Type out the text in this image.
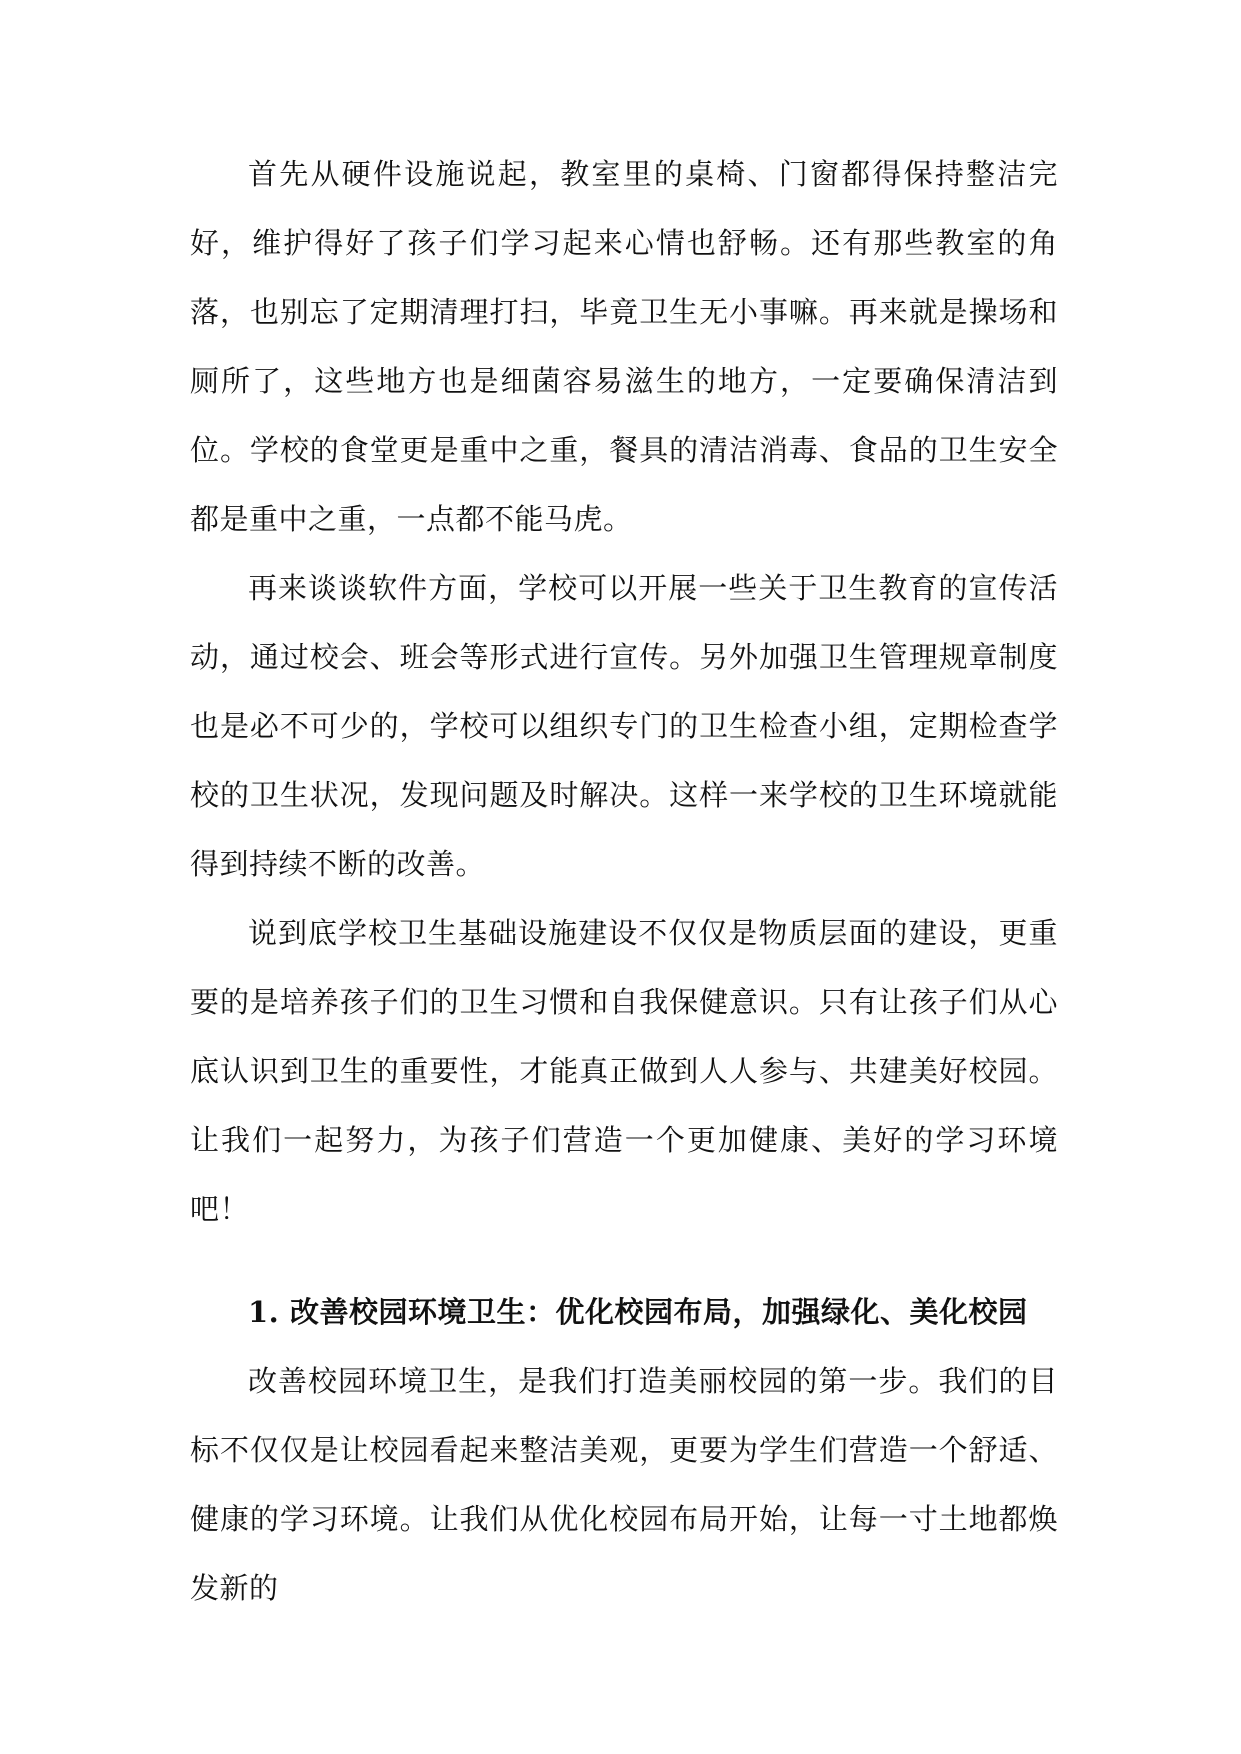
首先从硬件设施说起，教室里的桌椅、门窗都得保持整洁完好，维护得好了孩子们学习起来心情也舒畅。还有那些教室的角落，也别忘了定期清理打扫，毕竟卫生无小事嘛。再来就是操场和厕所了，这些地方也是细菌容易滋生的地方，一定要确保清洁到位。学校的食堂更是重中之重，餐具的清洁消毒、食品的卫生安全都是重中之重，一点都不能马虎。

再来谈谈软件方面，学校可以开展一些关于卫生教育的宣传活动，通过校会、班会等形式进行宣传。另外加强卫生管理规章制度也是必不可少的，学校可以组织专门的卫生检查小组，定期检查学校的卫生状况，发现问题及时解决。这样一来学校的卫生环境就能得到持续不断的改善。

说到底学校卫生基础设施建设不仅仅是物质层面的建设，更重要的是培养孩子们的卫生习惯和自我保健意识。只有让孩子们从心底认识到卫生的重要性，才能真正做到人人参与、共建美好校园。让我们一起努力，为孩子们营造一个更加健康、美好的学习环境吧！

1. 改善校园环境卫生：优化校园布局，加强绿化、美化校园

改善校园环境卫生，是我们打造美丽校园的第一步。我们的目标不仅仅是让校园看起来整洁美观，更要为学生们营造一个舒适、健康的学习环境。让我们从优化校园布局开始，让每一寸土地都焕发新的
